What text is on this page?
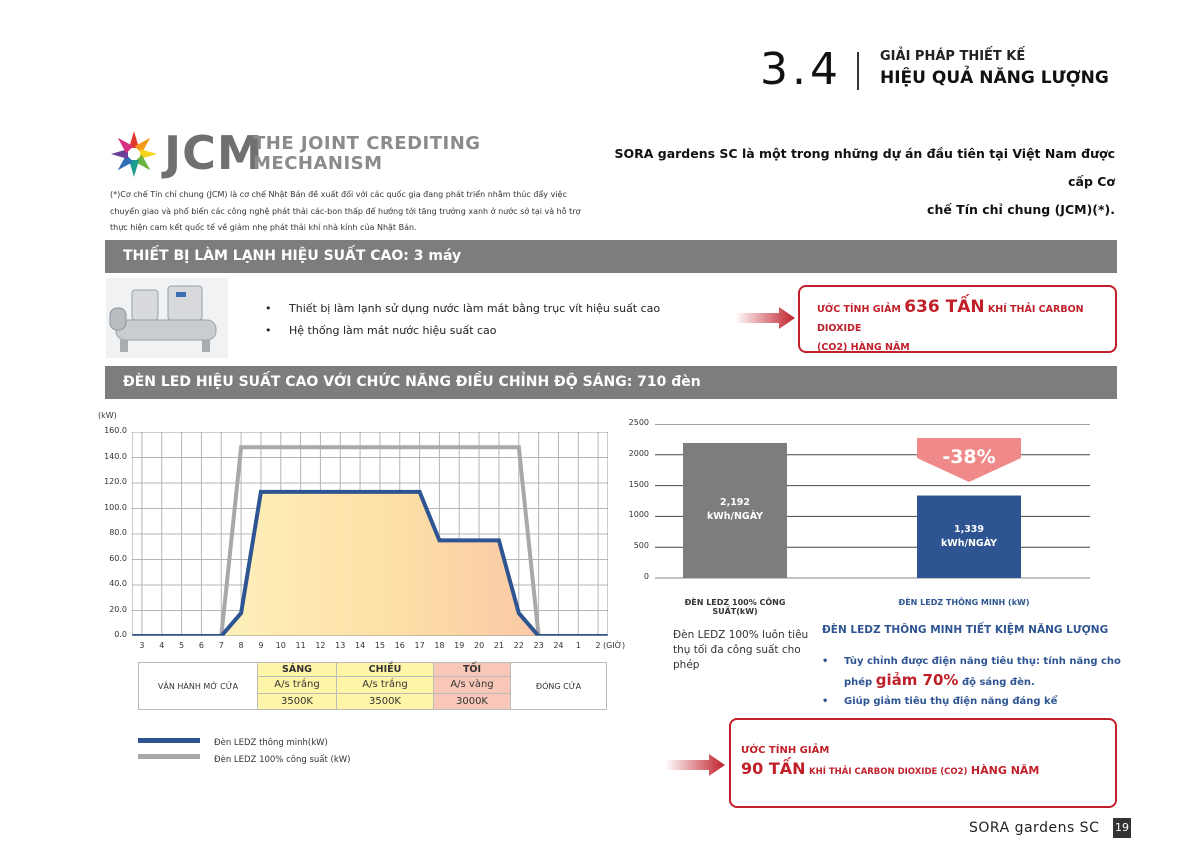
3.4	GIẢI PHÁP THIẾT KẾ
HIỆU QUẢ NĂNG LƯỢNG
JCM
THE JOINT CREDITING
MECHANISM
(*)Cơ chế Tín chỉ chung (JCM) là cơ chế Nhật Bản đề xuất đối với các quốc gia đang phát triển nhằm thúc đẩy việc chuyển giao và phổ biến các công nghệ phát thải các-bon thấp để hướng tới tăng trưởng xanh ở nước sở tại và hỗ trợ thực hiện cam kết quốc tế về giảm nhẹ phát thải khí nhà kính của Nhật Bản.
SORA gardens SC là một trong những dự án đầu tiên tại Việt Nam được cấp Cơ
chế Tín chỉ chung (JCM)(*).
THIẾT BỊ LÀM LẠNH HIỆU SUẤT CAO: 3 máy
• Thiết bị làm lạnh sử dụng nước làm mát bằng trục vít hiệu suất cao
• Hệ thống làm mát nước hiệu suất cao
ƯỚC TÍNH GIẢM 636 TẤN KHÍ THẢI CARBON DIOXIDE
(CO2) HÀNG NĂM
ĐÈN LED HIỆU SUẤT CAO VỚI CHỨC NĂNG ĐIỀU CHỈNH ĐỘ SÁNG: 710 đèn
(kW)
160.0
140.0
120.0
100.0
80.0
60.0
40.0
20.0
0.0
3	4	5	6	7	8	9	10	11	12	13	14	15	16	17	18	19	20	21	22	23	24	1	2 (GIỜ)
VẬN HÀNH MỞ CỬA	SÁNG	CHIỀU	TỐI	ĐÓNG CỬA
	A/s trắng	A/s trắng	A/s vàng	
	3500K	3500K	3000K	
Đèn LEDZ thông minh(kW)
Đèn LEDZ 100% công suất (kW)
2500
2000
1500
1000
500
0
-38%
2,192
kWh/NGÀY
1,339
kWh/NGÀY
ĐÈN LEDZ 100% CÔNG SUẤT(kW)
ĐÈN LEDZ THÔNG MINH (kW)
Đèn LEDZ 100% luôn tiêu thụ tối đa công suất cho phép
ĐÈN LEDZ THÔNG MINH TIẾT KIỆM NĂNG LƯỢNG
• Tùy chỉnh được điện năng tiêu thụ: tính năng cho
phép giảm 70% độ sáng đèn.
• Giúp giảm tiêu thụ điện năng đáng kể
ƯỚC TÍNH GIẢM
90 TẤN KHÍ THẢI CARBON DIOXIDE (CO2) HÀNG NĂM
SORA gardens SC 19
